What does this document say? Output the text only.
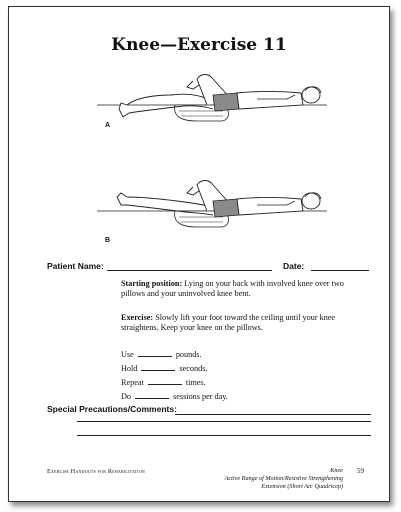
Knee—Exercise 11
A
B
Patient Name:	Date:
Starting position: Lying on your back with involved knee over two pillows and your uninvolved knee bent.
Exercise: Slowly lift your foot toward the ceiling until your knee straightens. Keep your knee on the pillows.
Use	pounds.
Hold	seconds.
Repeat	times.
Do	sessions per day.
Special Precautions/Comments:
Exercise Handouts for Rehabilitation	Knee
Active Range of Motion/Resistive Strengthening
Extension (Short Arc Quadricep)
59
